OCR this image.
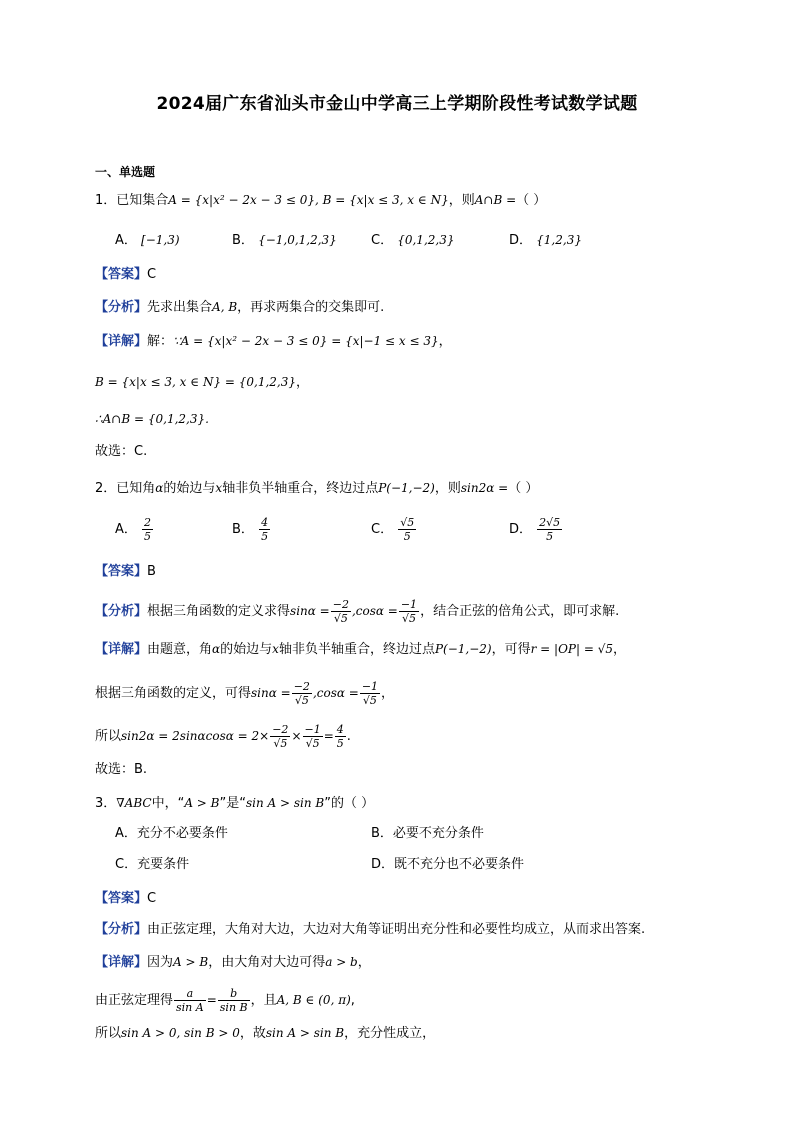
2024届广东省汕头市金山中学高三上学期阶段性考试数学试题
一、单选题
1．已知集合A = {x|x² − 2x − 3 ≤ 0}, B = {x|x ≤ 3, x ∈ N}，则A∩B =（ ）
A． [−1,3)	B． {−1,0,1,2,3}	C． {0,1,2,3}	D． {1,2,3}
【答案】C
【分析】先求出集合A, B，再求两集合的交集即可.
【详解】解：∵A = {x|x² − 2x − 3 ≤ 0} = {x|−1 ≤ x ≤ 3}，
B = {x|x ≤ 3, x ∈ N} = {0,1,2,3}，
∴A∩B = {0,1,2,3}.
故选：C.
2．已知角α的始边与x轴非负半轴重合，终边过点P(−1,−2)，则sin2α =（ ）
A． $\frac{2}{5}$	B． $\frac{4}{5}$	C． $\frac{√5}{5}$	D． $\frac{2√5}{5}$
【答案】B
【分析】根据三角函数的定义求得$\sin\alpha = \frac{-2}{√5} ,\cos\alpha = \frac{-1}{√5}$ ，结合正弦的倍角公式，即可求解.
【详解】由题意，角α的始边与x轴非负半轴重合，终边过点P(−1,−2)，可得r = |OP| = √5，
根据三角函数的定义，可得$\sin\alpha = \frac{-2}{√5} ,\cos\alpha = \frac{-1}{√5}$ ，
所以$\sin 2\alpha = 2\sin\alpha\cos\alpha = 2\times \frac{-2}{√5} \times \frac{-1}{√5} = \frac{4}{5}$ .
故选：B.
3．∇ABC中，“A > B”是“sin A > sin B”的（ ）
A．充分不必要条件	B．必要不充分条件
C．充要条件	D．既不充分也不必要条件
【答案】C
【分析】由正弦定理，大角对大边，大边对大角等证明出充分性和必要性均成立，从而求出答案.
【详解】因为A > B，由大角对大边可得a > b，
由正弦定理得 $\frac{a}{\text{sin A}} = \frac{b}{\text{sin B}}$ ，且A, B ∈ (0, π),
所以sin A > 0, sin B > 0，故sin A > sin B，充分性成立，
